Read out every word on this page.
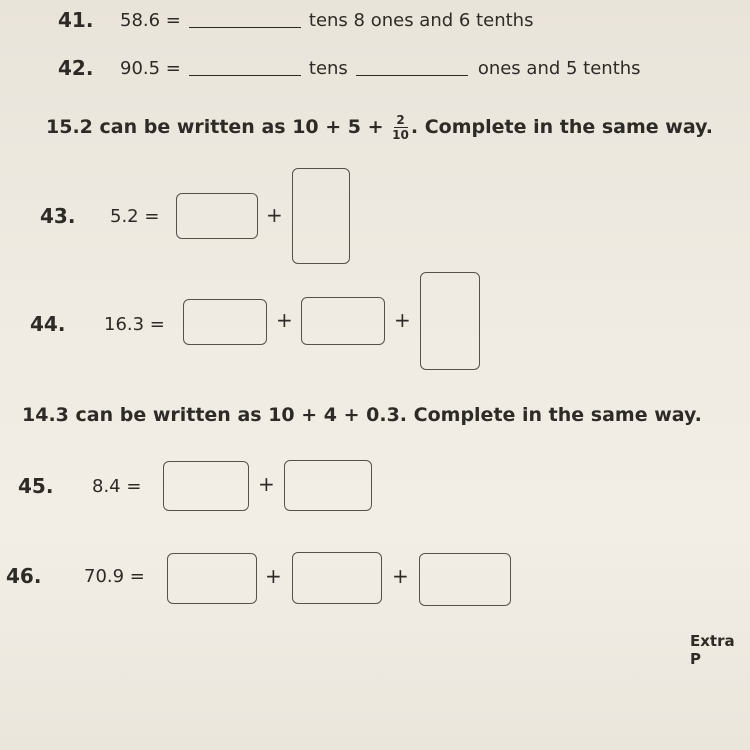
41.	58.6 =	tens 8 ones and 6 tenths
42.	90.5 =	tens	ones and 5 tenths
15.2 can be written as $10 + 5 + \frac{2}{10}$ . Complete in the same way.
43.	5.2 =	+
44.	16.3 =	+	+
14.3 can be written as 10 + 4 + 0.3. Complete in the same way.
45.	8.4 =	+
46.	70.9 =	+	+
Extra P
